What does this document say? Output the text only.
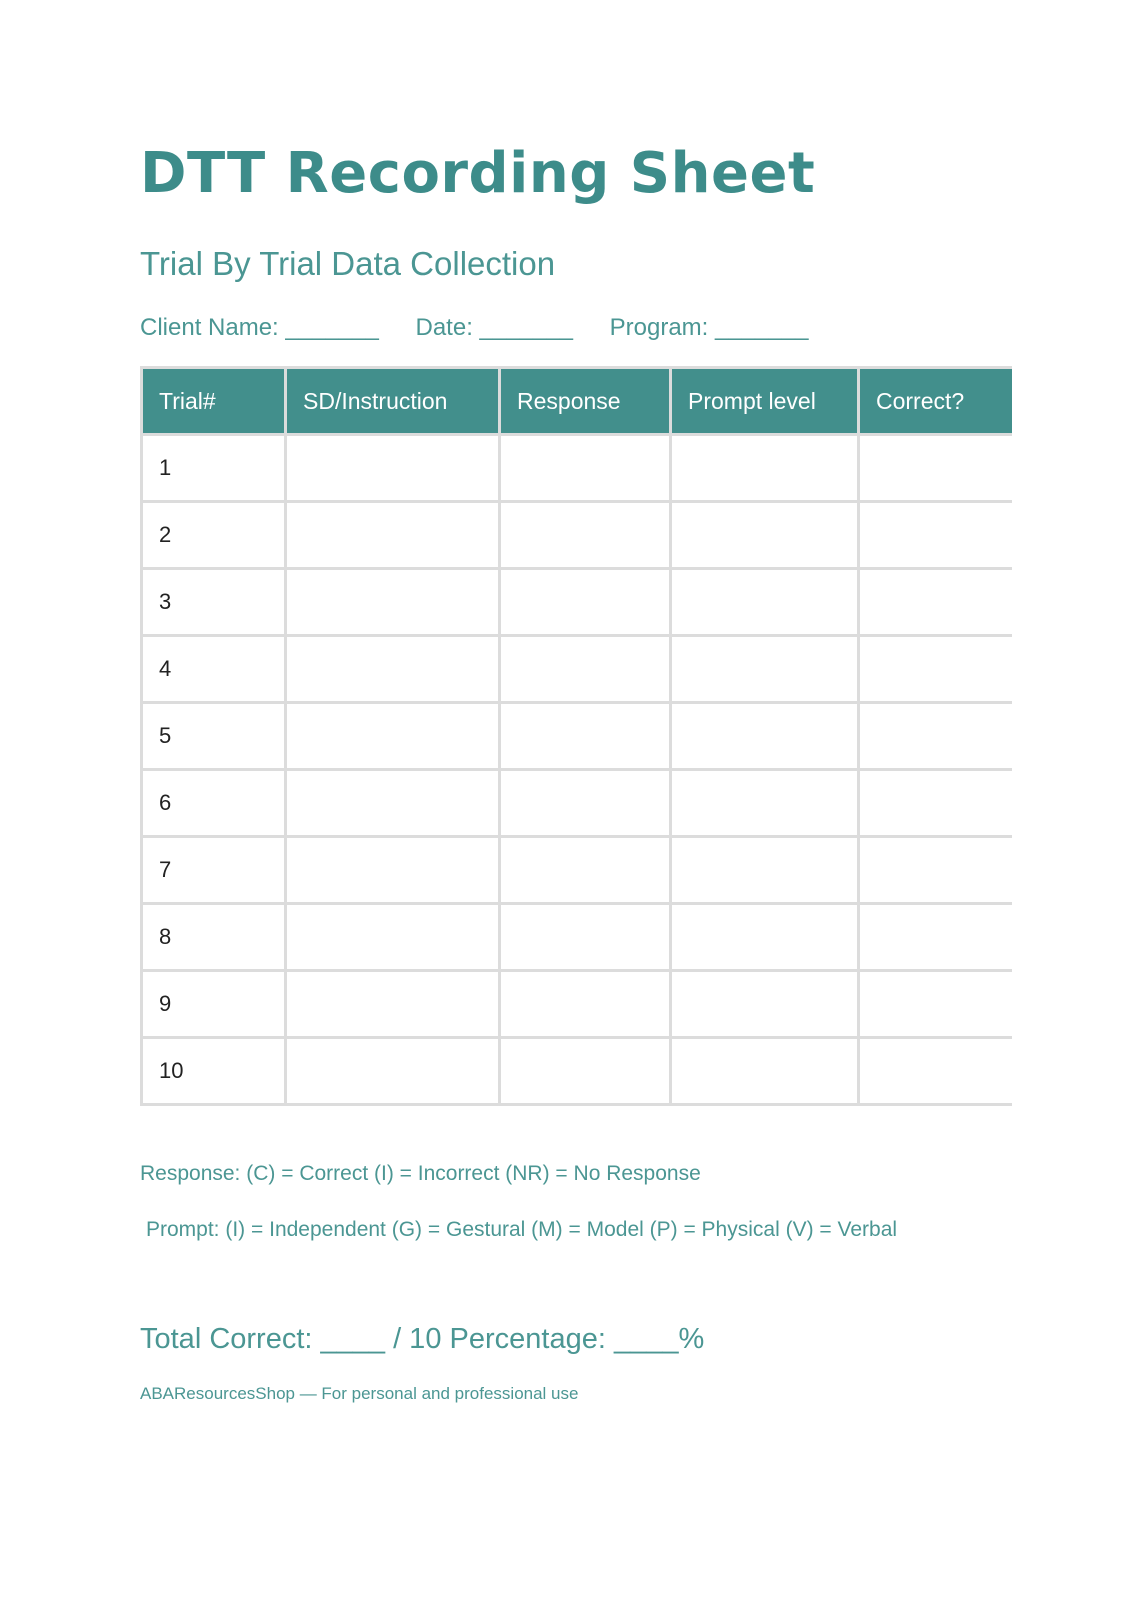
DTT Recording Sheet
Trial By Trial Data Collection
Client Name: _______ Date: _______ Program: _______
Trial#	SD/Instruction	Response	Prompt level	Correct?
1				
2				
3				
4				
5				
6				
7				
8				
9				
10				
Response: (C) = Correct (I) = Incorrect (NR) = No Response
Prompt: (I) = Independent (G) = Gestural (M) = Model (P) = Physical (V) = Verbal
Total Correct: ____ / 10 Percentage: ____%
ABAResourcesShop — For personal and professional use
